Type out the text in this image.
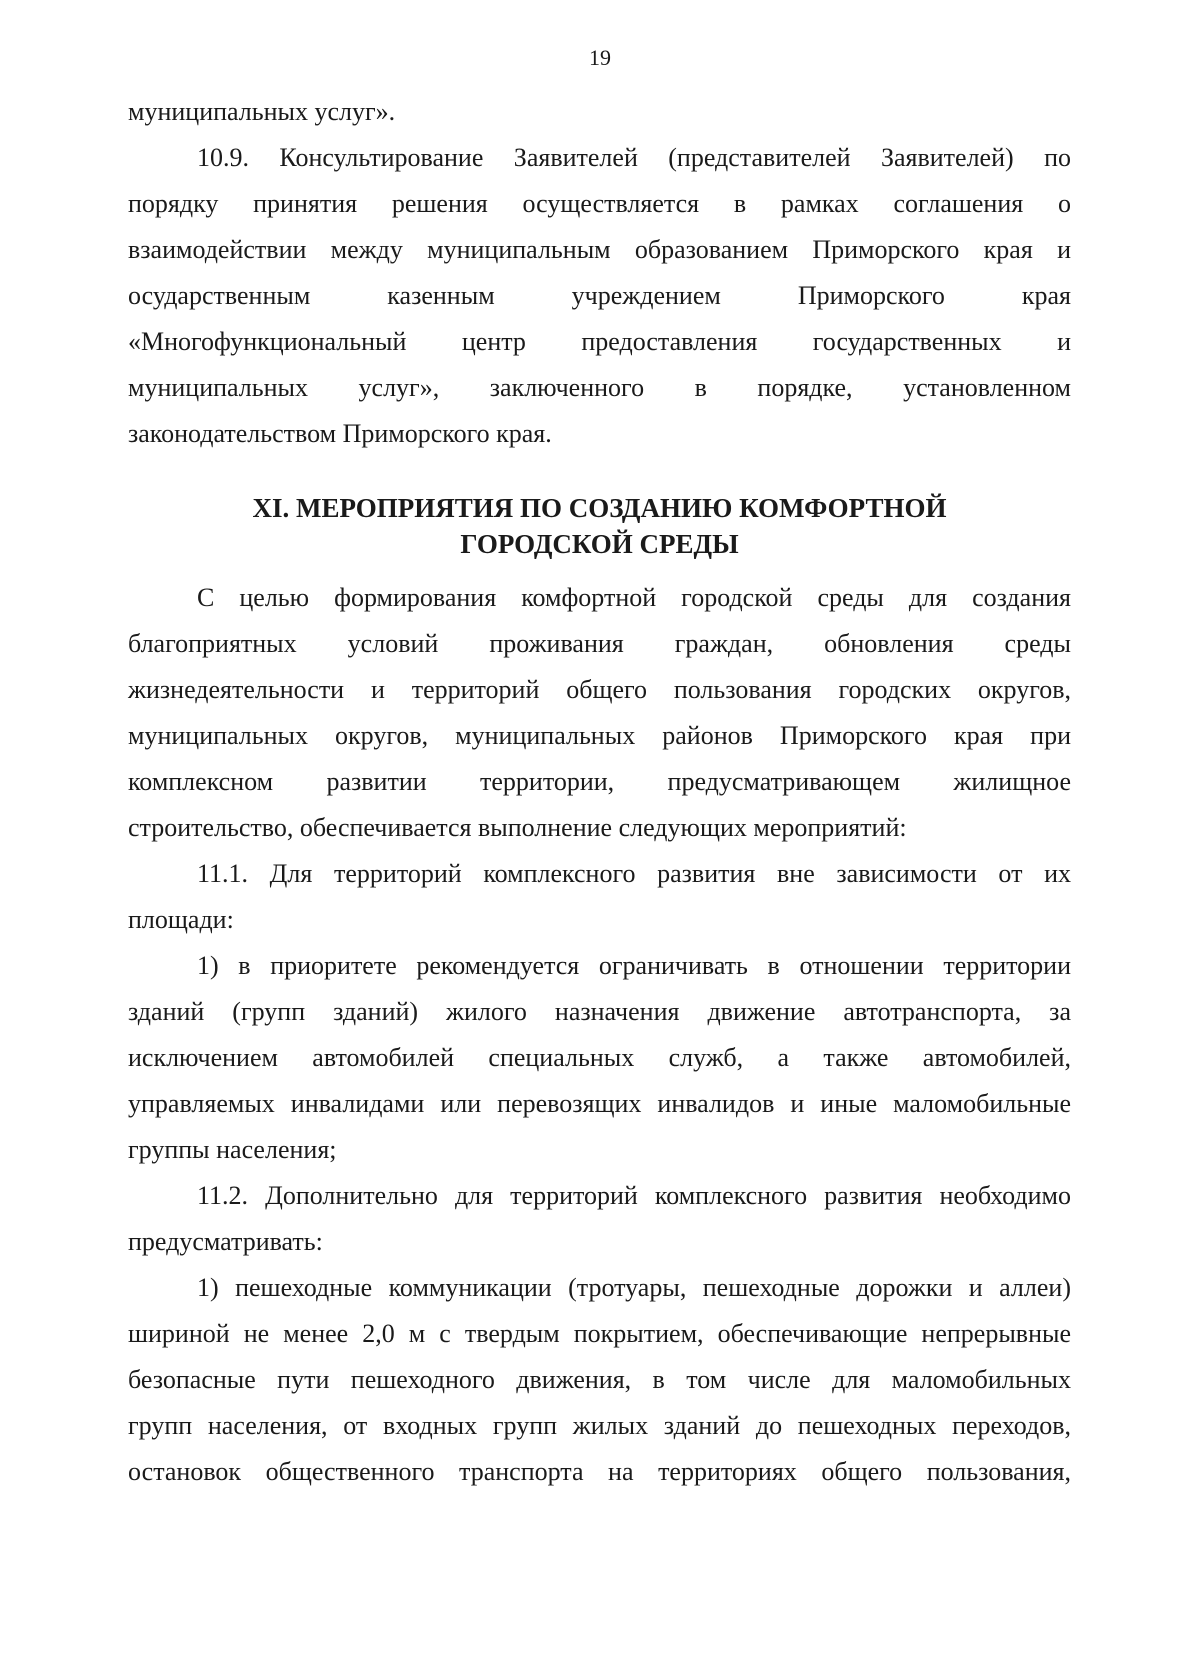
19
муниципальных услуг».
10.9. Консультирование Заявителей (представителей Заявителей) по
порядку принятия решения осуществляется в рамках соглашения о
взаимодействии между муниципальным образованием Приморского края и
осударственным казенным учреждением Приморского края
«Многофункциональный центр предоставления государственных и
муниципальных услуг», заключенного в порядке, установленном
законодательством Приморского края.
XI. МЕРОПРИЯТИЯ ПО СОЗДАНИЮ КОМФОРТНОЙ
ГОРОДСКОЙ СРЕДЫ
С целью формирования комфортной городской среды для создания
благоприятных условий проживания граждан, обновления среды
жизнедеятельности и территорий общего пользования городских округов,
муниципальных округов, муниципальных районов Приморского края при
комплексном развитии территории, предусматривающем жилищное
строительство, обеспечивается выполнение следующих мероприятий:
11.1. Для территорий комплексного развития вне зависимости от их
площади:
1) в приоритете рекомендуется ограничивать в отношении территории
зданий (групп зданий) жилого назначения движение автотранспорта, за
исключением автомобилей специальных служб, а также автомобилей,
управляемых инвалидами или перевозящих инвалидов и иные маломобильные
группы населения;
11.2. Дополнительно для территорий комплексного развития необходимо
предусматривать:
1) пешеходные коммуникации (тротуары, пешеходные дорожки и аллеи)
шириной не менее 2,0 м с твердым покрытием, обеспечивающие непрерывные
безопасные пути пешеходного движения, в том числе для маломобильных
групп населения, от входных групп жилых зданий до пешеходных переходов,
остановок общественного транспорта на территориях общего пользования,
